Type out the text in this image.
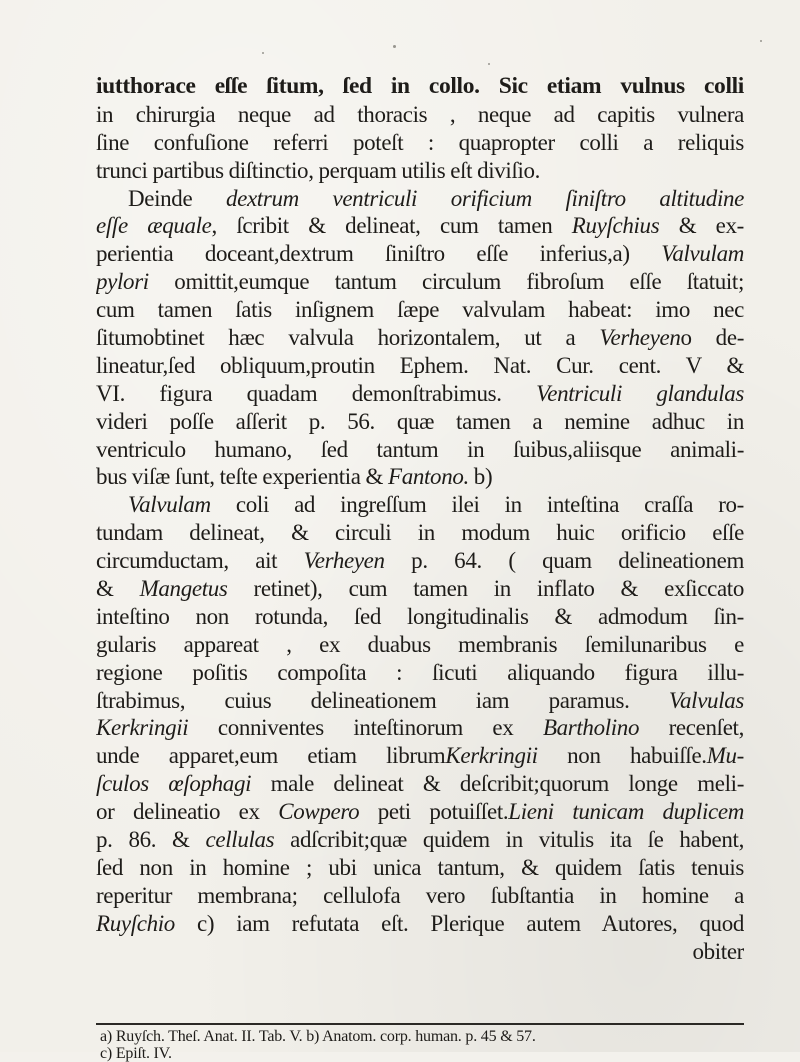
iutthorace eſſe ſitum, ſed in collo. Sic etiam vulnus colli
in chirurgia neque ad thoracis , neque ad capitis vulnera
ſine confuſione referri poteſt : quapropter colli a reliquis
trunci partibus diſtinctio, perquam utilis eſt diviſio.
Deinde dextrum ventriculi orificium ſiniſtro altitudine
eſſe æquale, ſcribit & delineat, cum tamen Ruyſchius & ex-
perientia doceant,dextrum ſiniſtro eſſe inferius,a) Valvulam
pylori omittit,eumque tantum circulum fibroſum eſſe ſtatuit;
cum tamen ſatis inſignem ſæpe valvulam habeat: imo nec
ſitumobtinet hæc valvula horizontalem, ut a Verheyeno de-
lineatur,ſed obliquum,proutin Ephem. Nat. Cur. cent. V &
VI. figura quadam demonſtrabimus. Ventriculi glandulas
videri poſſe aſſerit p. 56. quæ tamen a nemine adhuc in
ventriculo humano, ſed tantum in ſuibus,aliisque animali-
bus viſæ ſunt, teſte experientia & Fantono. b)
Valvulam coli ad ingreſſum ilei in inteſtina craſſa ro-
tundam delineat, & circuli in modum huic orificio eſſe
circumductam, ait Verheyen p. 64. ( quam delineationem
& Mangetus retinet), cum tamen in inflato & exſiccato
inteſtino non rotunda, ſed longitudinalis & admodum ſin-
gularis appareat , ex duabus membranis ſemilunaribus e
regione poſitis compoſita : ſicuti aliquando figura illu-
ſtrabimus, cuius delineationem iam paramus. Valvulas
Kerkringii conniventes inteſtinorum ex Bartholino recenſet,
unde apparet,eum etiam librumKerkringii non habuiſſe.Mu-
ſculos œſophagi male delineat & deſcribit;quorum longe meli-
or delineatio ex Cowpero peti potuiſſet.Lieni tunicam duplicem
p. 86. & cellulas adſcribit;quæ quidem in vitulis ita ſe habent,
ſed non in homine ; ubi unica tantum, & quidem ſatis tenuis
reperitur membrana; cellulofa vero ſubſtantia in homine a
Ruyſchio c) iam refutata eſt. Plerique autem Autores, quod
obiter
a) Ruyſch. Theſ. Anat. II. Tab. V. b) Anatom. corp. human. p. 45 & 57.
c) Epiſt. IV.
